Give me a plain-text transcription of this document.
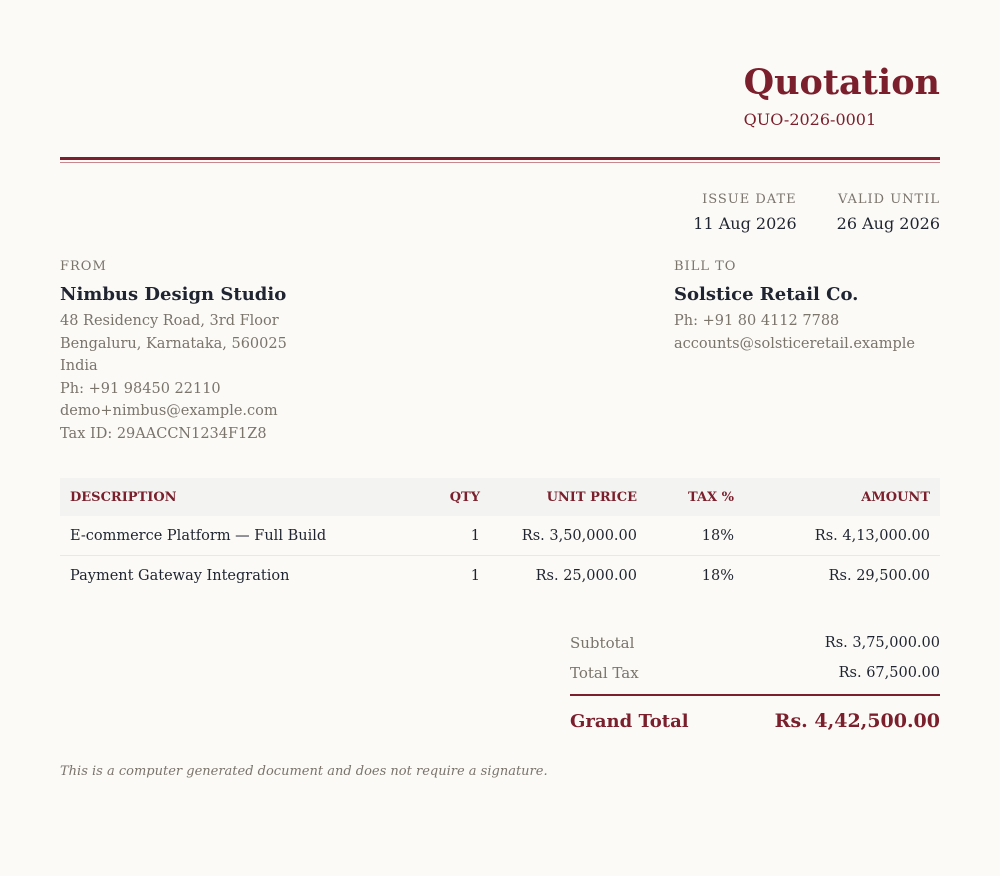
Quotation
QUO-2026-0001
ISSUE DATE
11 Aug 2026
VALID UNTIL
26 Aug 2026
FROM
Nimbus Design Studio
48 Residency Road, 3rd Floor
Bengaluru, Karnataka, 560025
India
Ph: +91 98450 22110
demo+nimbus@example.com
Tax ID: 29AACCN1234F1Z8
BILL TO
Solstice Retail Co.
Ph: +91 80 4112 7788
accounts@solsticeretail.example
DESCRIPTION	QTY	UNIT PRICE	TAX %	AMOUNT
E-commerce Platform — Full Build	1	Rs. 3,50,000.00	18%	Rs. 4,13,000.00
Payment Gateway Integration	1	Rs. 25,000.00	18%	Rs. 29,500.00
Subtotal	Rs. 3,75,000.00
Total Tax	Rs. 67,500.00
Grand Total	Rs. 4,42,500.00
This is a computer generated document and does not require a signature.
